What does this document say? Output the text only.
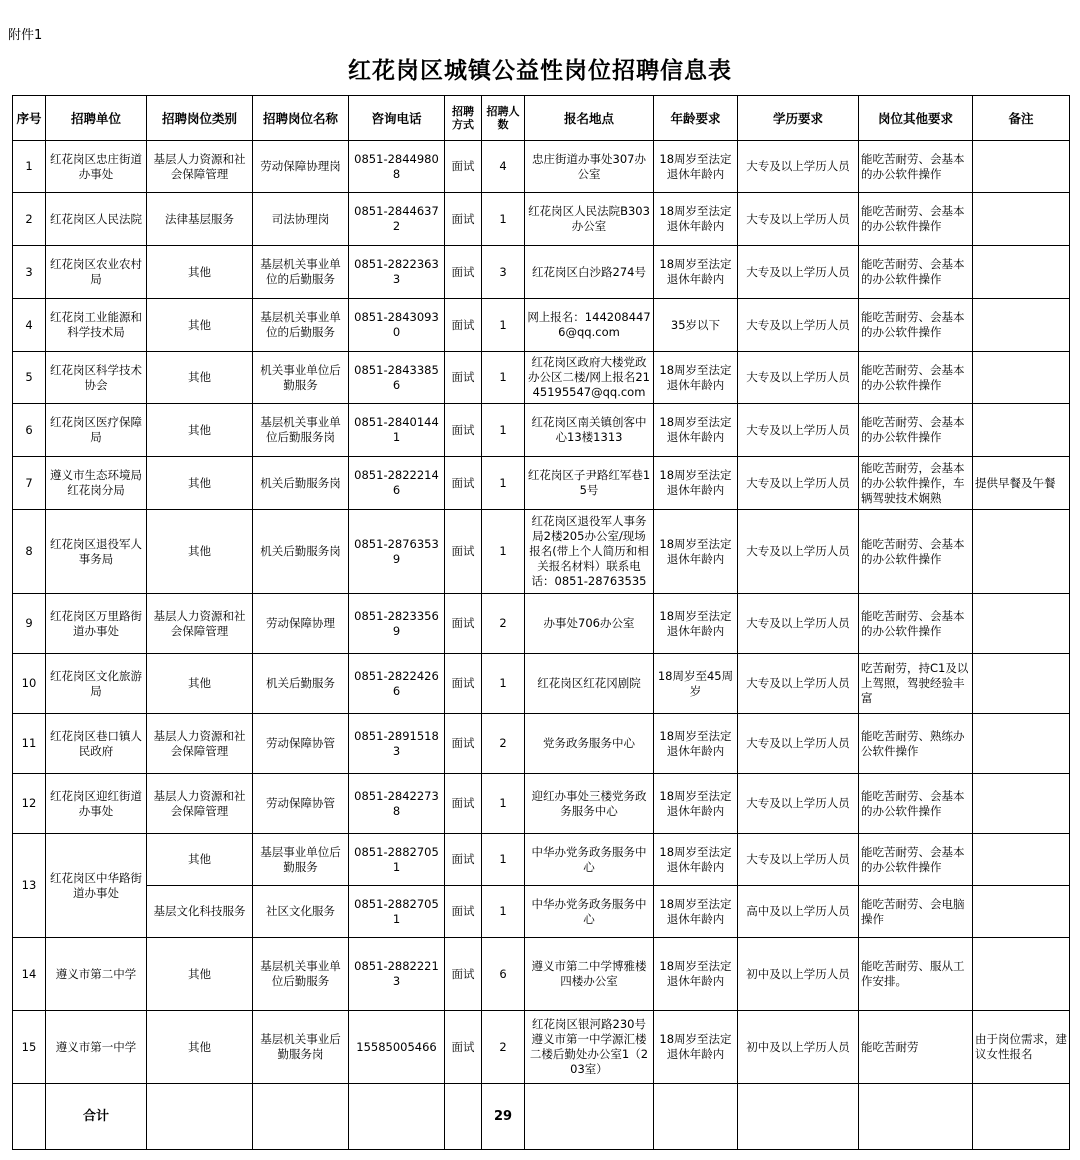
附件1
红花岗区城镇公益性岗位招聘信息表
序号	招聘单位	招聘岗位类别	招聘岗位名称	咨询电话	招聘方式	招聘人数	报名地点	年龄要求	学历要求	岗位其他要求	备注
1	红花岗区忠庄街道办事处	基层人力资源和社会保障管理	劳动保障协理岗	0851-28449808	面试	4	忠庄街道办事处307办公室	18周岁至法定退休年龄内	大专及以上学历人员	能吃苦耐劳、会基本的办公软件操作	
2	红花岗区人民法院	法律基层服务	司法协理岗	0851-28446372	面试	1	红花岗区人民法院B303办公室	18周岁至法定退休年龄内	大专及以上学历人员	能吃苦耐劳、会基本的办公软件操作	
3	红花岗区农业农村局	其他	基层机关事业单位的后勤服务	0851-28223633	面试	3	红花岗区白沙路274号	18周岁至法定退休年龄内	大专及以上学历人员	能吃苦耐劳、会基本的办公软件操作	
4	红花岗工业能源和科学技术局	其他	基层机关事业单位的后勤服务	0851-28430930	面试	1	网上报名：1442084476@qq.com	35岁以下	大专及以上学历人员	能吃苦耐劳、会基本的办公软件操作	
5	红花岗区科学技术协会	其他	机关事业单位后勤服务	0851-28433856	面试	1	红花岗区政府大楼党政办公区二楼/网上报名2145195547@qq.com	18周岁至法定退休年龄内	大专及以上学历人员	能吃苦耐劳、会基本的办公软件操作	
6	红花岗区医疗保障局	其他	基层机关事业单位后勤服务岗	0851-28401441	面试	1	红花岗区南关镇创客中心13楼1313	18周岁至法定退休年龄内	大专及以上学历人员	能吃苦耐劳、会基本的办公软件操作	
7	遵义市生态环境局红花岗分局	其他	机关后勤服务岗	0851-28222146	面试	1	红花岗区子尹路红军巷15号	18周岁至法定退休年龄内	大专及以上学历人员	能吃苦耐劳，会基本的办公软件操作，车辆驾驶技术娴熟	提供早餐及午餐
8	红花岗区退役军人事务局	其他	机关后勤服务岗	0851-28763539	面试	1	红花岗区退役军人事务局2楼205办公室/现场报名(带上个人简历和相关报名材料）联系电话：0851-28763535	18周岁至法定退休年龄内	大专及以上学历人员	能吃苦耐劳、会基本的办公软件操作	
9	红花岗区万里路街道办事处	基层人力资源和社会保障管理	劳动保障协理	0851-28233569	面试	2	办事处706办公室	18周岁至法定退休年龄内	大专及以上学历人员	能吃苦耐劳、会基本的办公软件操作	
10	红花岗区文化旅游局	其他	机关后勤服务	0851-28224266	面试	1	红花岗区红花冈剧院	18周岁至45周岁	大专及以上学历人员	吃苦耐劳，持C1及以上驾照，驾驶经验丰富	
11	红花岗区巷口镇人民政府	基层人力资源和社会保障管理	劳动保障协管	0851-28915183	面试	2	党务政务服务中心	18周岁至法定退休年龄内	大专及以上学历人员	能吃苦耐劳、熟练办公软件操作	
12	红花岗区迎红街道办事处	基层人力资源和社会保障管理	劳动保障协管	0851-28422738	面试	1	迎红办事处三楼党务政务服务中心	18周岁至法定退休年龄内	大专及以上学历人员	能吃苦耐劳、会基本的办公软件操作	
13	红花岗区中华路街道办事处	其他	基层事业单位后勤服务	0851-28827051	面试	1	中华办党务政务服务中心	18周岁至法定退休年龄内	大专及以上学历人员	能吃苦耐劳、会基本的办公软件操作	
		基层文化科技服务	社区文化服务	0851-28827051	面试	1	中华办党务政务服务中心	18周岁至法定退休年龄内	高中及以上学历人员	能吃苦耐劳、会电脑操作	
14	遵义市第二中学	其他	基层机关事业单位后勤服务	0851-28822213	面试	6	遵义市第二中学博雅楼四楼办公室	18周岁至法定退休年龄内	初中及以上学历人员	能吃苦耐劳、服从工作安排。	
15	遵义市第一中学	其他	基层机关事业后勤服务岗	15585005466	面试	2	红花岗区银河路230号遵义市第一中学源汇楼二楼后勤处办公室1（203室）	18周岁至法定退休年龄内	初中及以上学历人员	能吃苦耐劳	由于岗位需求，建议女性报名
	合计					29					
